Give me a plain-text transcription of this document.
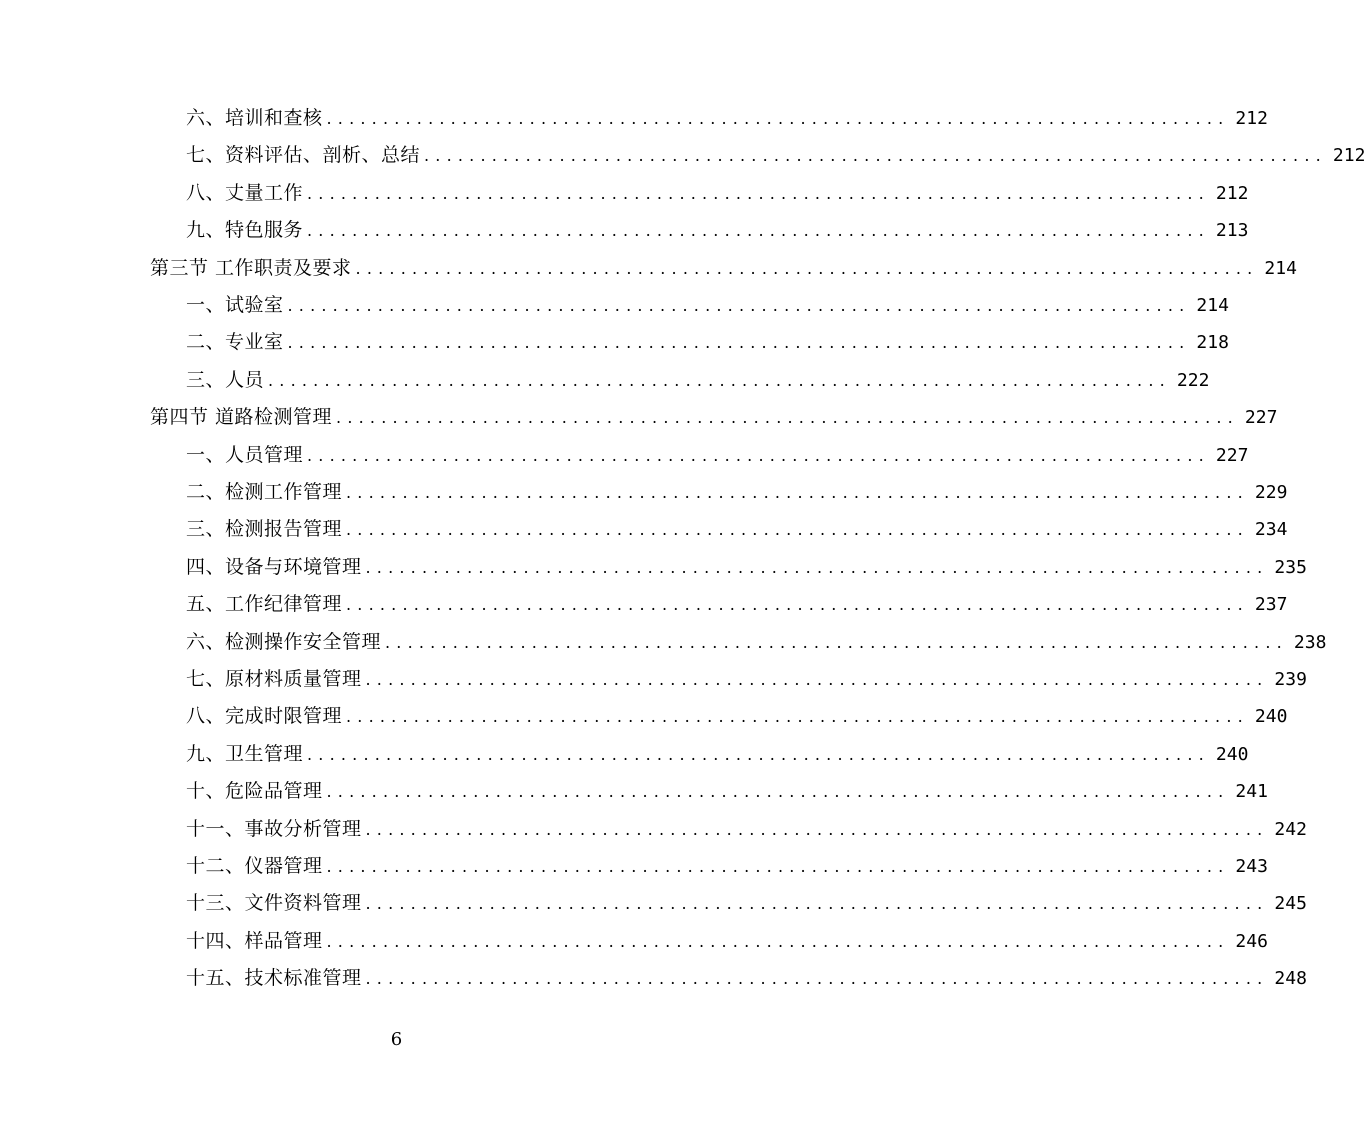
六、培训和查核 ................................................................................ 212
七、资料评估、剖析、总结 ................................................................................ 212
八、丈量工作 ................................................................................ 212
九、特色服务 ................................................................................ 213
第三节 工作职责及要求 ................................................................................ 214
一、试验室 ................................................................................ 214
二、专业室 ................................................................................ 218
三、人员 ................................................................................ 222
第四节 道路检测管理 ................................................................................ 227
一、人员管理 ................................................................................ 227
二、检测工作管理 ................................................................................ 229
三、检测报告管理 ................................................................................ 234
四、设备与环境管理 ................................................................................ 235
五、工作纪律管理 ................................................................................ 237
六、检测操作安全管理 ................................................................................ 238
七、原材料质量管理 ................................................................................ 239
八、完成时限管理 ................................................................................ 240
九、卫生管理 ................................................................................ 240
十、危险品管理 ................................................................................ 241
十一、事故分析管理 ................................................................................ 242
十二、仪器管理 ................................................................................ 243
十三、文件资料管理 ................................................................................ 245
十四、样品管理 ................................................................................ 246
十五、技术标准管理 ................................................................................ 248
6
